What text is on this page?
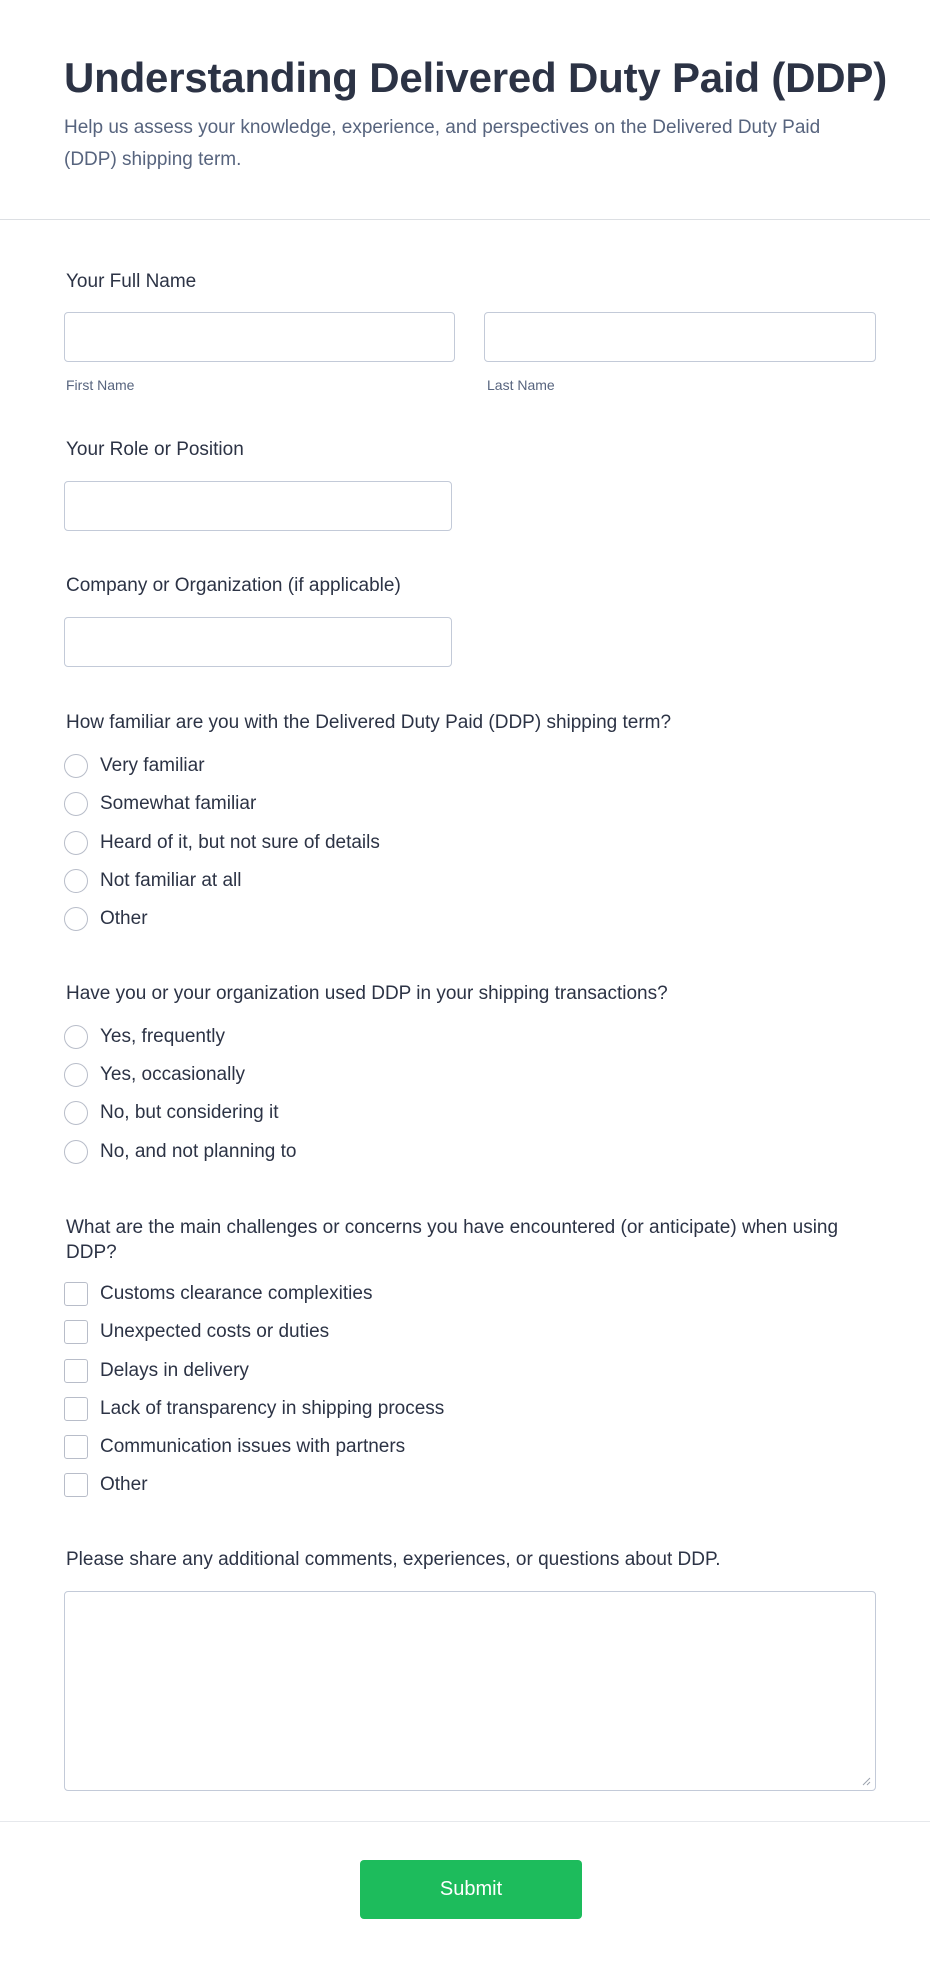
Understanding Delivered Duty Paid (DDP)
Help us assess your knowledge, experience, and perspectives on the Delivered Duty Paid (DDP) shipping term.
Your Full Name
First Name	Last Name
Your Role or Position
Company or Organization (if applicable)
How familiar are you with the Delivered Duty Paid (DDP) shipping term?
Very familiar
Somewhat familiar
Heard of it, but not sure of details
Not familiar at all
Other
Have you or your organization used DDP in your shipping transactions?
Yes, frequently
Yes, occasionally
No, but considering it
No, and not planning to
What are the main challenges or concerns you have encountered (or anticipate) when using DDP?
Customs clearance complexities
Unexpected costs or duties
Delays in delivery
Lack of transparency in shipping process
Communication issues with partners
Other
Please share any additional comments, experiences, or questions about DDP.
Submit
